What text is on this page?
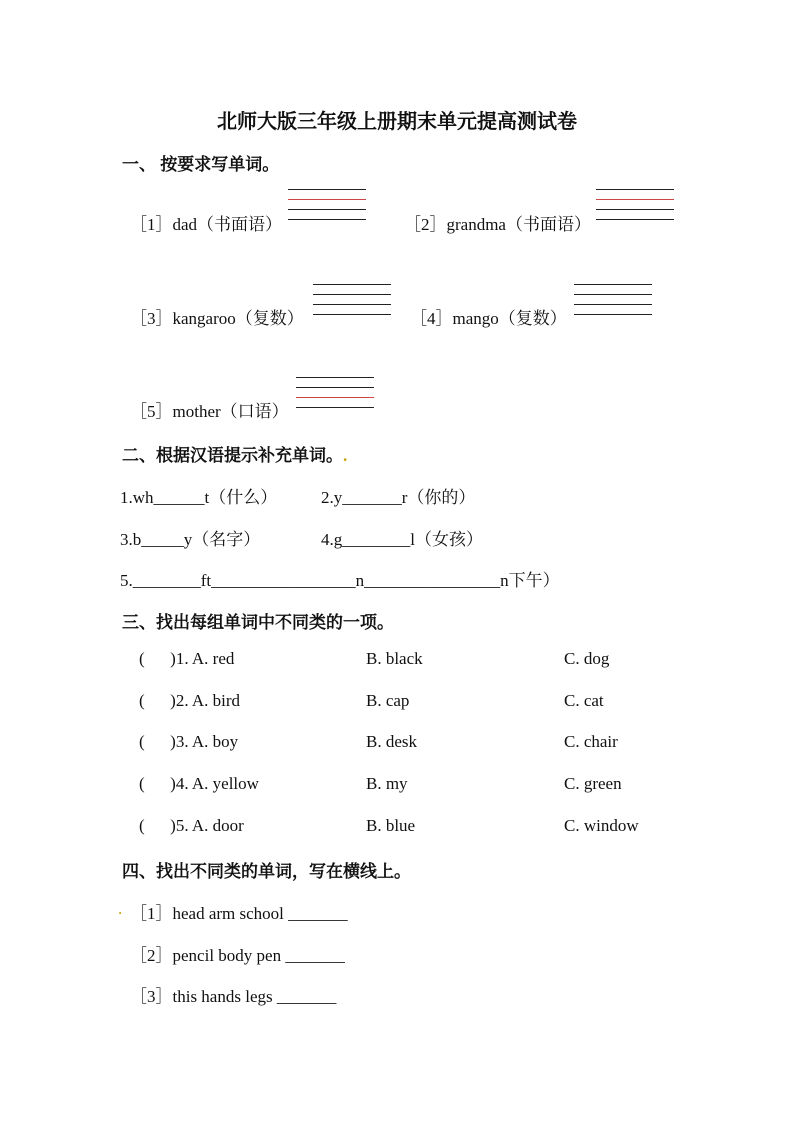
北师大版三年级上册期末单元提高测试卷
一、 按要求写单词。
［1］dad（书面语）	［2］grandma（书面语）
［3］kangaroo（复数）	［4］mango（复数）
［5］mother（口语）
二、根据汉语提示补充单词。.
1.wh______t（什么）	2.y_______r（你的）
3.b_____y（名字）	4.g________l（女孩）
5.________ft_________________n________________n下午）
三、找出每组单词中不同类的一项。
(      )1. A. red	B. black	C. dog
(      )2. A. bird	B. cap	C. cat
(      )3. A. boy	B. desk	C. chair
(      )4. A. yellow	B. my	C. green
(      )5. A. door	B. blue	C. window
四、找出不同类的单词，写在横线上。
. ［1］head arm school _______
［2］pencil body pen _______
［3］this hands legs _______
